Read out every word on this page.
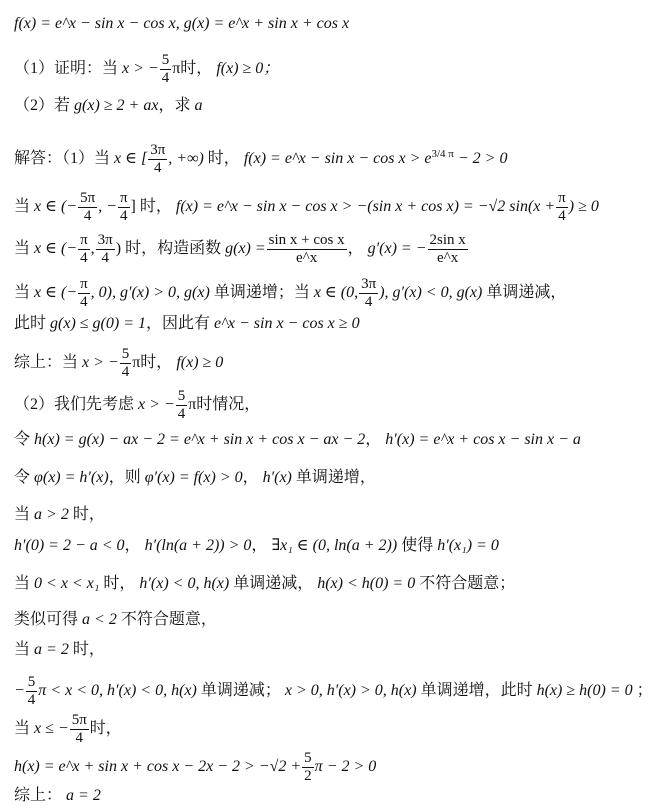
f(x) = e^x − sin x − cos x, g(x) = e^x + sin x + cos x
（1）证明：当 x > − $\frac{5}{4}$ π时， f(x) ≥ 0；
（2）若 g(x) ≥ 2 + ax，求 a
解答：（1）当 x ∈ [ $\frac{3\pi}{4}$ , +∞) 时， f(x) = e^x − $\sin x - \cos x > e^{3/4 \pi} - 2 > 0$
当 x ∈ (− $\frac{5\pi}{4}$ , − $\frac{\pi}{4}$ ] 时， f(x) = e^x − sin x − cos x > −(sin x + cos x) = −√2 $\sin(x + \frac{\pi}{4}$ ) ≥ 0
当 x ∈ (− $\frac{\pi}{4}$ , $\frac{3\pi}{4}$ ) 时，构造函数 $g(x) = \frac{\text{sin x + cos x}}{e\^{}x}$ ， g′(x) = − $\frac{\text{2sin x}}{e\^{}x}$
当 x ∈ (− $\frac{\pi}{4}$ , 0), g′(x) > 0, g(x) 单调递增；当 x ∈ (0, $\frac{3\pi}{4}$ ), g′(x) < 0, g(x) 单调递减，
此时 g(x) ≤ g(0) = 1，因此有 e^x − sin x − cos x ≥ 0
综上：当 x > − $\frac{5}{4}$ π时， f(x) ≥ 0
（2）我们先考虑 x > − $\frac{5}{4}$ π时情况，
令 h(x) = g(x) − ax − 2 = e^x + sin x + cos x − ax − 2， h′(x) = e^x + cos x − sin x − a
令 φ(x) = h′(x)，则 φ′(x) = f(x) > 0， h′(x) 单调递增，
当 a > 2 时，
h′(0) = 2 − a < 0， h′(ln(a + 2)) > 0， ∃x₁ ∈ (0, ln(a + 2)) 使得 h′(x₁) = 0
当 0 < x < x₁ 时， h′(x) < 0, h(x) 单调递减， h(x) < h(0) = 0 不符合题意；
类似可得 a < 2 不符合题意，
当 a = 2 时，
− $\frac{5}{4}$ π < x < 0, h′(x) < 0, h(x) 单调递减； x > 0, h′(x) > 0, h(x) 单调递增，此时 h(x) ≥ h(0) = 0 ；
当 x ≤ − $\frac{5\pi}{4}$ 时，
h(x) = e^x + $\sin x + \cos x - 2x - 2 > -√2 + \frac{5}{2}$ π − 2 > 0
综上： a = 2
